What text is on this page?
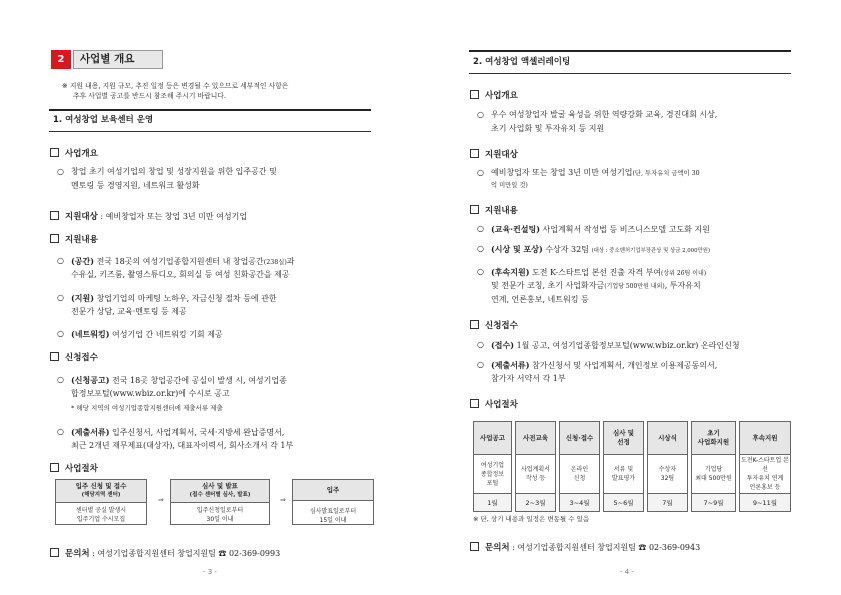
2	사업별 개요
※ 지원 내용, 지원 규모, 추진 일정 등은 변경될 수 있으므로 세부적인 사항은
추후 사업별 공고를 반드시 참조해 주시기 바랍니다.
1. 여성창업 보육센터 운영
사업개요
○ 창업 초기 여성기업의 창업 및 성장지원을 위한 입주공간 및
멘토링 등 경영지원, 네트워크 활성화
지원대상 : 예비창업자 또는 창업 3년 미만 여성기업
지원내용
○ (공간) 전국 18곳의 여성기업종합지원센터 내 창업공간(238실)과
수유실, 키즈룸, 촬영스튜디오, 회의실 등 여성 친화공간을 제공
○ (지원) 창업기업의 마케팅 노하우, 자금신청 절차 등에 관한
전문가 상담, 교육·멘토링 등 제공
○ (네트워킹) 여성기업 간 네트워킹 기회 제공
신청접수
○ (신청공고) 전국 18곳 창업공간에 공실이 발생 시, 여성기업종
합정보포털(www.wbiz.or.kr)에 수시로 공고
* 해당 지역의 여성기업종합지원센터에 제출서류 제출
○ (제출서류) 입주신청서, 사업계획서, 국세·지방세 완납증명서,
최근 2개년 재무제표(대상자), 대표자이력서, 회사소개서 각 1부
사업절차
입주 신청 및 접수
(해당지역 센터)
센터별 공실 발생시
입주기업 수시모집
⇒
심사 및 발표
(접수 센터별 심사, 발표)
입주신청일로부터
30일 이내
⇒
입주
심사발표일로부터
15일 이내
문의처 : 여성기업종합지원센터 창업지원팀 ☎ 02-369-0993
- 3 -
2. 여성창업 액셀러레이팅
사업개요
○ 우수 여성창업자 발굴 육성을 위한 역량강화 교육, 경진대회 시상,
초기 사업화 및 투자유치 등 지원
지원대상
○ 예비창업자 또는 창업 3년 미만 여성기업(단, 투자유치 금액이 30
억 미만일 것)
지원내용
○ (교육·컨설팅) 사업계획서 작성법 등 비즈니스모델 고도화 지원
○ (시상 및 포상) 수상자 32팀 (대상 : 중소벤처기업부장관상 및 상금 2,000만원)
○ (후속지원) 도전 K-스타트업 본선 진출 자격 부여(상위 26팀 이내)
및 전문가 코칭, 초기 사업화자금(기업당 500만원 내외), 투자유치
연계, 언론홍보, 네트워킹 등
신청접수
○ (접수) 1월 공고, 여성기업종합정보포털(www.wbiz.or.kr) 온라인신청
○ (제출서류) 참가신청서 및 사업계획서, 개인정보 이용제공동의서,
참가자 서약서 각 1부
사업절차
사업공고
여성기업
종합정보
포털
1월
사전교육
사업계획서
작성 등
2~3월
신청·접수
온라인
신청
3~4월
심사 및
선정
서류 및
발표평가
5~6월
시상식
수상자
32팀
7월
초기
사업화지원
기업당
최대 500만원
7~9월
후속지원
도전K-스타트업 본선
투자유치 연계
언론홍보 등
9~11월
※ 단, 상기 내용과 일정은 변동될 수 있음
문의처 : 여성기업종합지원센터 창업지원팀 ☎ 02-369-0943
- 4 -
